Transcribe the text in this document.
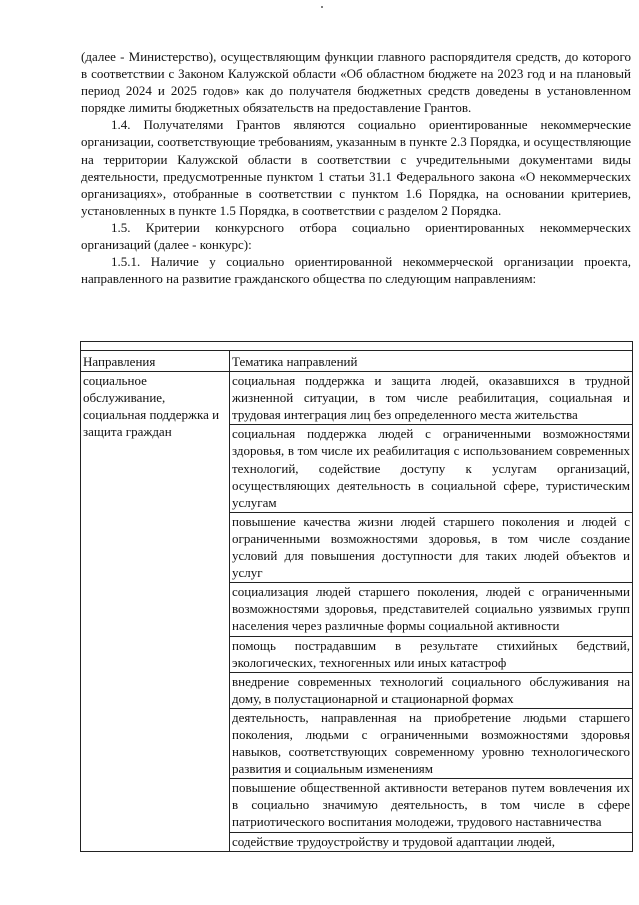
(далее - Министерство), осуществляющим функции главного распорядителя средств, до которого в соответствии с Законом Калужской области «Об областном бюджете на 2023 год и на плановый период 2024 и 2025 годов» как до получателя бюджетных средств доведены в установленном порядке лимиты бюджетных обязательств на предоставление Грантов.

1.4. Получателями Грантов являются социально ориентированные некоммерческие организации, соответствующие требованиям, указанным в пункте 2.3 Порядка, и осуществляющие на территории Калужской области в соответствии с учредительными документами виды деятельности, предусмотренные пунктом 1 статьи 31.1 Федерального закона «О некоммерческих организациях», отобранные в соответствии с пунктом 1.6 Порядка, на основании критериев, установленных в пункте 1.5 Порядка, в соответствии с разделом 2 Порядка.

1.5. Критерии конкурсного отбора социально ориентированных некоммерческих организаций (далее - конкурс):

1.5.1. Наличие у социально ориентированной некоммерческой организации проекта, направленного на развитие гражданского общества по следующим направлениям:

Направления	Тематика направлений
социальное обслуживание, социальная поддержка и защита граждан	социальная поддержка и защита людей, оказавшихся в трудной жизненной ситуации, в том числе реабилитация, социальная и трудовая интеграция лиц без определенного места жительства
	социальная поддержка людей с ограниченными возможностями здоровья, в том числе их реабилитация с использованием современных технологий, содействие доступу к услугам организаций, осуществляющих деятельность в социальной сфере, туристическим услугам
	повышение качества жизни людей старшего поколения и людей с ограниченными возможностями здоровья, в том числе создание условий для повышения доступности для таких людей объектов и услуг
	социализация людей старшего поколения, людей с ограниченными возможностями здоровья, представителей социально уязвимых групп населения через различные формы социальной активности
	помощь пострадавшим в результате стихийных бедствий, экологических, техногенных или иных катастроф
	внедрение современных технологий социального обслуживания на дому, в полустационарной и стационарной формах
	деятельность, направленная на приобретение людьми старшего поколения, людьми с ограниченными возможностями здоровья навыков, соответствующих современному уровню технологического развития и социальным изменениям
	повышение общественной активности ветеранов путем вовлечения их в социально значимую деятельность, в том числе в сфере патриотического воспитания молодежи, трудового наставничества
	содействие трудоустройству и трудовой адаптации людей,
